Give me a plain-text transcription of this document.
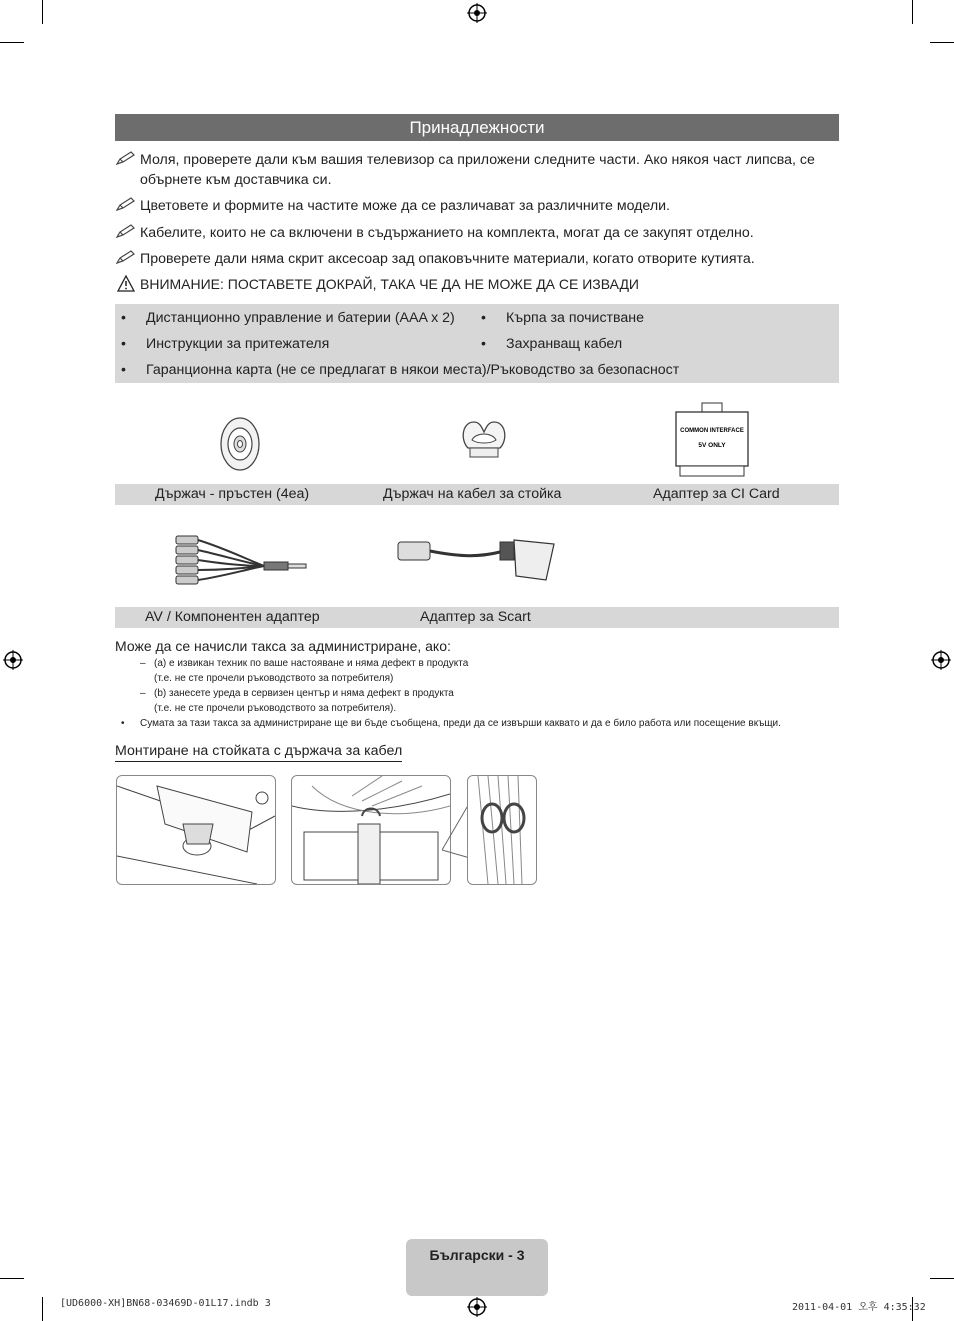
Принадлежности
Моля, проверете дали към вашия телевизор са приложени следните части. Ако някоя част липсва, се обърнете към доставчика си.
Цветовете и формите на частите може да се различават за различните модели.
Кабелите, които не са включени в съдържанието на комплекта, могат да се закупят отделно.
Проверете дали няма скрит аксесоар зад опаковъчните материали, когато отворите кутията.
ВНИМАНИЕ: ПОСТАВЕТЕ ДОКРАЙ, ТАКА ЧЕ ДА НЕ МОЖЕ ДА СЕ ИЗВАДИ
• Дистанционно управление и батерии (AAA x 2) • Кърпа за почистване
• Инструкции за притежателя	• Захранващ кабел
• Гаранционна карта (не се предлагат в някои места)/Ръководство за безопасност
COMMON INTERFACE
5V ONLY
Държач - пръстен (4еа)	Държач на кабел за стойка	Адаптер за CI Card
AV / Компонентен адаптер	Адаптер за Scart
Може да се начисли такса за администриране, ако:
– (a) е извикан техник по ваше настояване и няма дефект в продукта
(т.е. не сте прочели ръководството за потребителя)
– (b) занесете уреда в сервизен център и няма дефект в продукта
(т.е. не сте прочели ръководството за потребителя).
• Сумата за тази такса за администриране ще ви бъде съобщена, преди да се извърши каквато и да е било работа или посещение вкъщи.
Монтиране на стойката с държача за кабел
Български - 3
[UD6000-XH]BN68-03469D-01L17.indb 3	2011-04-01 오후 4:35:32
